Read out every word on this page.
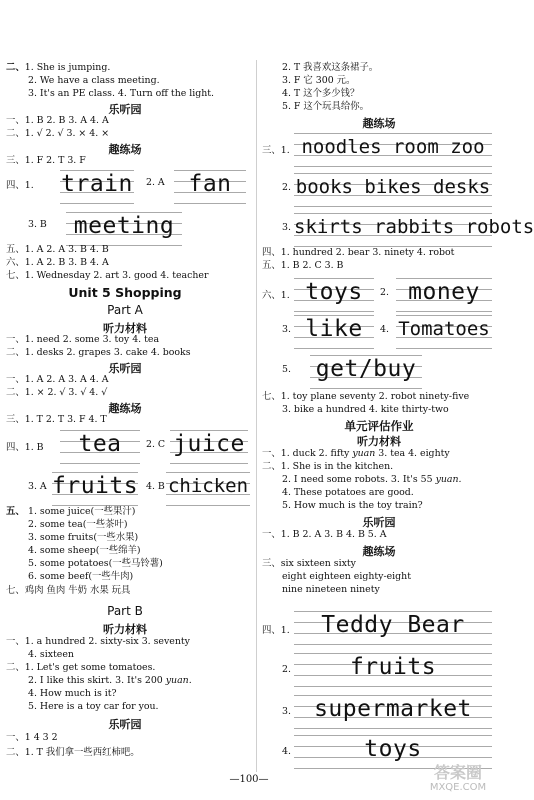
二、1. She is jumping.
2. We have a class meeting.
3. It's an PE class. 4. Turn off the light.
乐听园
一、1. B 2. B 3. A 4. A
二、1. √ 2. √ 3. × 4. ×
趣练场
三、1. F 2. T 3. F
四、1. train 2. A	fan
3. B	meeting
五、1. A 2. A 3. B 4. B
六、1. A 2. B 3. B 4. A
七、1. Wednesday 2. art 3. good 4. teacher
Unit 5 Shopping
Part A
听力材料
一、1. need 2. some 3. toy 4. tea
二、1. desks 2. grapes 3. cake 4. books
乐听园
一、1. A 2. A 3. A 4. A
二、1. × 2. √ 3. √ 4. √
趣练场
三、1. T 2. T 3. F 4. T
四、1. B	tea	2. C juice
3. A fruits 4. B chicken
五、 1. some juice(一些果汁)
2. some tea(一些茶叶)
3. some fruits(一些水果)
4. some sheep(一些绵羊)
5. some potatoes(一些马铃薯)
6. some beef(一些牛肉)
七、鸡肉 鱼肉 牛奶 水果 玩具
Part B
听力材料
一、1. a hundred 2. sixty-six 3. seventy
4. sixteen
二、1. Let's get some tomatoes.
2. I like this skirt. 3. It's 200 yuan.
4. How much is it?
5. Here is a toy car for you.
乐听园
一、1 4 3 2
二、1. T 我们拿一些西红柿吧。
2. T 我喜欢这条裙子。
3. F 它 300 元。
4. T 这个多少钱？
5. F 这个玩具给你。
趣练场
三、1. noodles room zoo
2. books bikes desks
3. skirts rabbits robots
四、1. hundred 2. bear 3. ninety 4. robot
五、1. B 2. C 3. B
六、1. toys	2. money
3. like	4. Tomatoes
5. get/buy
七、1. toy plane seventy 2. robot ninety-five
3. bike a hundred 4. kite thirty-two
单元评估作业
听力材料
一、1. duck 2. fifty yuan 3. tea 4. eighty
二、1. She is in the kitchen.
2. I need some robots. 3. It's 55 yuan.
4. These potatoes are good.
5. How much is the toy train?
乐听园
一、1. B 2. A 3. B 4. B 5. A
趣练场
三、six sixteen sixty
eight eighteen eighty-eight
nine nineteen ninety
四、1.	Teddy Bear
2.	fruits
3.	supermarket
4.	toys
—100—	答案圈
MXQE.COM
